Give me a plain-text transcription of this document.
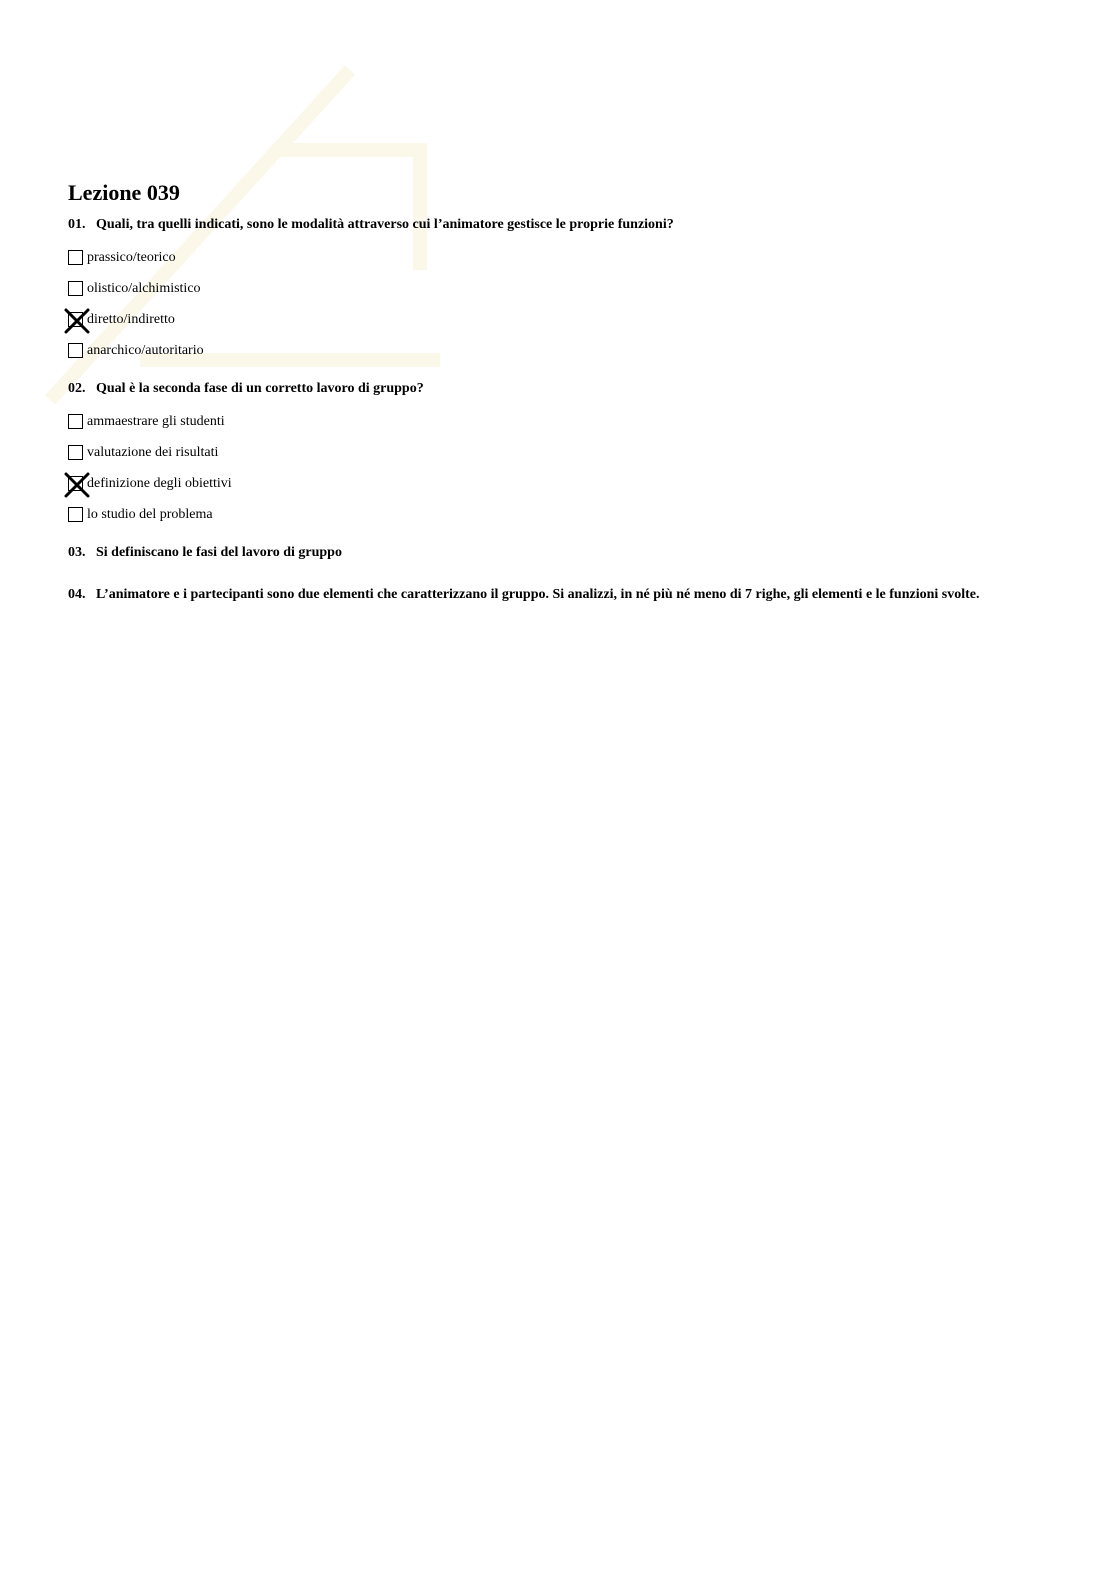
Lezione 039

01. Quali, tra quelli indicati, sono le modalità attraverso cui l’animatore gestisce le proprie funzioni?

prassico/teorico
olistico/alchimistico
diretto/indiretto
anarchico/autoritario

02. Qual è la seconda fase di un corretto lavoro di gruppo?

ammaestrare gli studenti
valutazione dei risultati
definizione degli obiettivi
lo studio del problema

03. Si definiscano le fasi del lavoro di gruppo

04. L’animatore e i partecipanti sono due elementi che caratterizzano il gruppo. Si analizzi, in né più né meno di 7 righe, gli elementi e le funzioni svolte.
